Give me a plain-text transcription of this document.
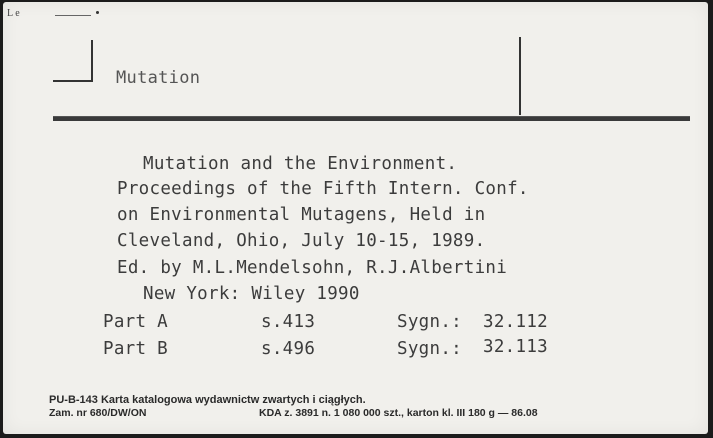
L e
Mutation
Mutation and the Environment.
Proceedings of the Fifth Intern. Conf.
on Environmental Mutagens, Held in
Cleveland, Ohio, July 10-15, 1989.
Ed. by M.L.Mendelsohn, R.J.Albertini
New York: Wiley 1990
Part A	s.413	Sygn.: 32.112
Part B	s.496	Sygn.: 32.113
PU-B-143 Karta katalogowa wydawnictw zwartych i ciągłych.
Zam. nr 680/DW/ON	KDA z. 3891 n. 1 080 000 szt., karton kl. III 180 g — 86.08
